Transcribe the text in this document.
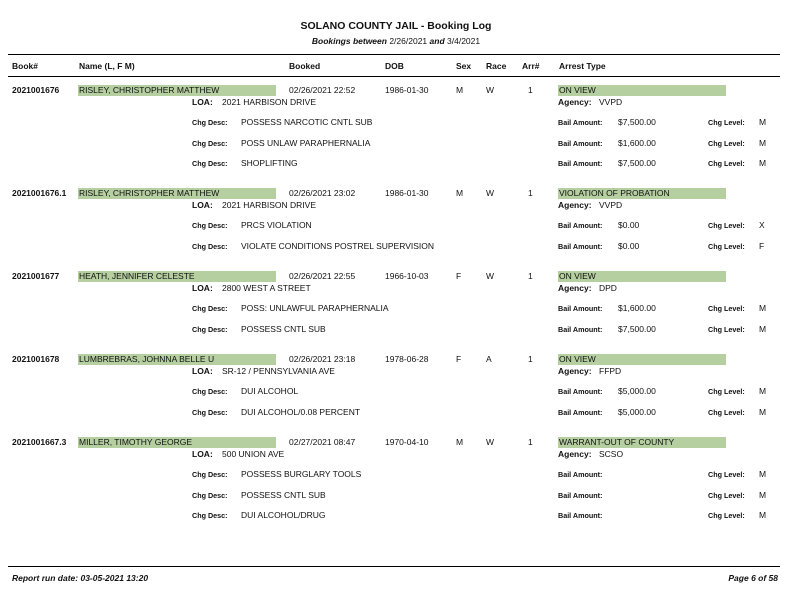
SOLANO COUNTY JAIL - Booking Log
Bookings between 2/26/2021 and 3/4/2021
Book#	Name (L, F M)	Booked	DOB	Sex Race Arr# Arrest Type
2021001676 RISLEY, CHRISTOPHER MATTHEW	02/26/2021 22:52	1986-01-30	M	W	1	ON VIEW
LOA: 2021 HARBISON DRIVE	Agency: VVPD
Chg Desc: POSSESS NARCOTIC CNTL SUB	Bail Amount: $7,500.00	Chg Level: M
Chg Desc: POSS UNLAW PARAPHERNALIA	Bail Amount: $1,600.00	Chg Level: M
Chg Desc: SHOPLIFTING	Bail Amount: $7,500.00	Chg Level: M
2021001676.1 RISLEY, CHRISTOPHER MATTHEW	02/26/2021 23:02	1986-01-30	M	W	1	VIOLATION OF PROBATION
LOA: 2021 HARBISON DRIVE	Agency: VVPD
Chg Desc: PRCS VIOLATION	Bail Amount: $0.00	Chg Level: X
Chg Desc: VIOLATE CONDITIONS POSTREL SUPERVISION	Bail Amount: $0.00	Chg Level: F
2021001677 HEATH, JENNIFER CELESTE	02/26/2021 22:55	1966-10-03	F	W	1	ON VIEW
LOA: 2800 WEST A STREET	Agency: DPD
Chg Desc: POSS: UNLAWFUL PARAPHERNALIA	Bail Amount: $1,600.00	Chg Level: M
Chg Desc: POSSESS CNTL SUB	Bail Amount: $7,500.00	Chg Level: M
2021001678 LUMBREBRAS, JOHNNA BELLE U	02/26/2021 23:18	1978-06-28	F	A	1	ON VIEW
LOA: SR-12 / PENNSYLVANIA AVE	Agency: FFPD
Chg Desc: DUI ALCOHOL	Bail Amount: $5,000.00	Chg Level: M
Chg Desc: DUI ALCOHOL/0.08 PERCENT	Bail Amount: $5,000.00	Chg Level: M
2021001667.3 MILLER, TIMOTHY GEORGE	02/27/2021 08:47	1970-04-10	M	W	1	WARRANT-OUT OF COUNTY
LOA: 500 UNION AVE	Agency: SCSO
Chg Desc: POSSESS BURGLARY TOOLS	Bail Amount:	Chg Level: M
Chg Desc: POSSESS CNTL SUB	Bail Amount:	Chg Level: M
Chg Desc: DUI ALCOHOL/DRUG	Bail Amount:	Chg Level: M
Report run date: 03-05-2021 13:20	Page 6 of 58
